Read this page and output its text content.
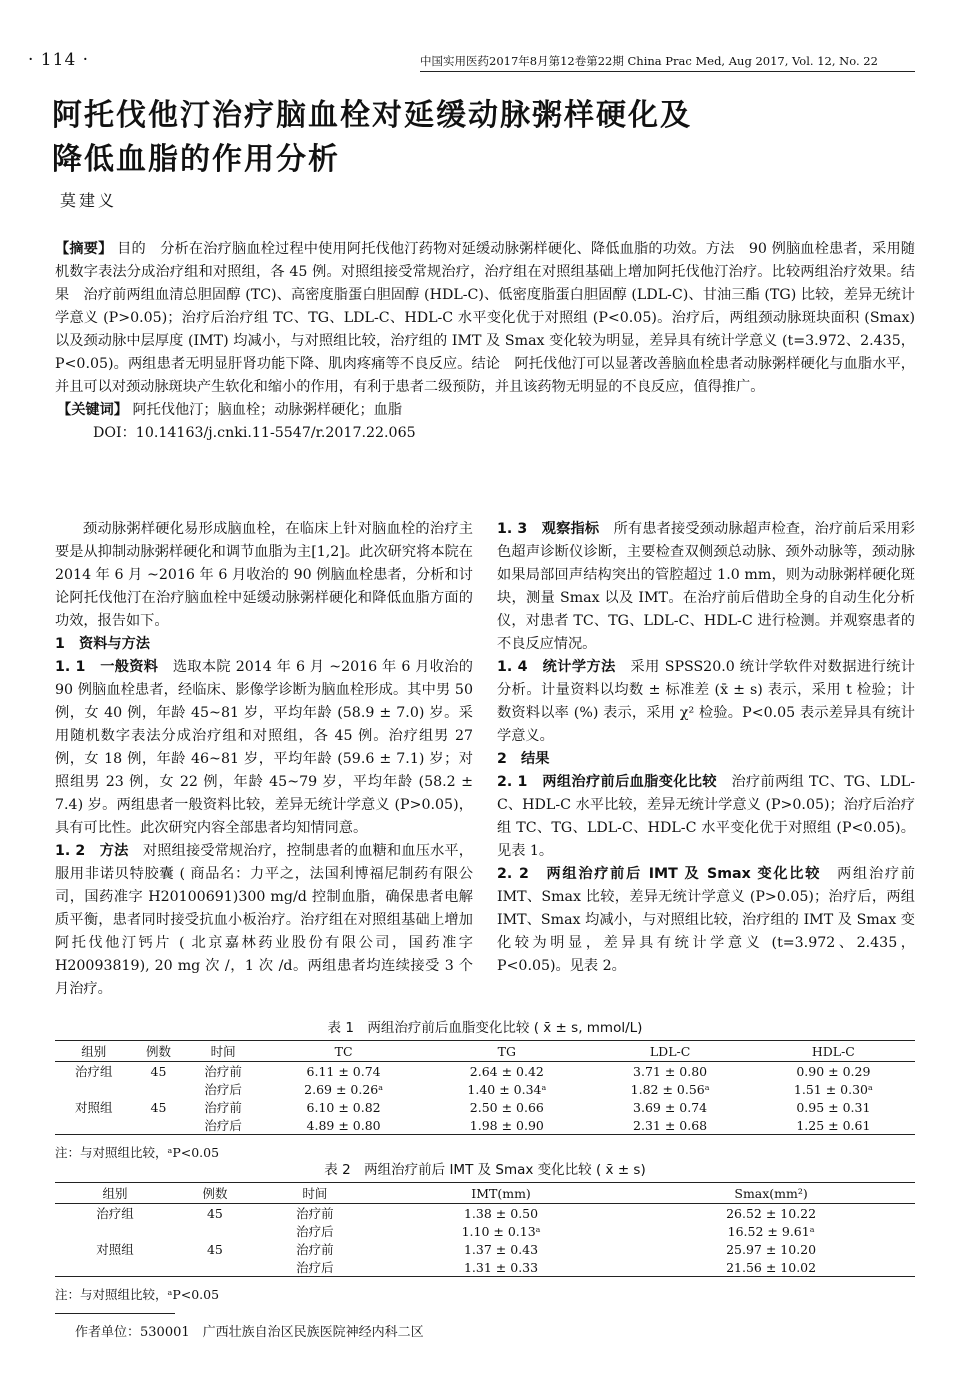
· 114 ·	中国实用医药2017年8月第12卷第22期 China Prac Med, Aug 2017, Vol. 12, No. 22
阿托伐他汀治疗脑血栓对延缓动脉粥样硬化及
降低血脂的作用分析
莫建义

【摘要】 目的　分析在治疗脑血栓过程中使用阿托伐他汀药物对延缓动脉粥样硬化、降低血脂的功效。方法　90 例脑血栓患者，采用随机数字表法分成治疗组和对照组，各 45 例。对照组接受常规治疗，治疗组在对照组基础上增加阿托伐他汀治疗。比较两组治疗效果。结果　治疗前两组血清总胆固醇 (TC)、高密度脂蛋白胆固醇 (HDL-C)、低密度脂蛋白胆固醇 (LDL-C)、甘油三酯 (TG) 比较，差异无统计学意义 (P>0.05)；治疗后治疗组 TC、TG、LDL-C、HDL-C 水平变化优于对照组 (P<0.05)。治疗后，两组颈动脉斑块面积 (Smax) 以及颈动脉中层厚度 (IMT) 均减小，与对照组比较，治疗组的 IMT 及 Smax 变化较为明显，差异具有统计学意义 (t=3.972、2.435，P<0.05)。两组患者无明显肝肾功能下降、肌肉疼痛等不良反应。结论　阿托伐他汀可以显著改善脑血栓患者动脉粥样硬化与血脂水平，并且可以对颈动脉斑块产生软化和缩小的作用，有利于患者二级预防，并且该药物无明显的不良反应，值得推广。

【关键词】 阿托伐他汀；脑血栓；动脉粥样硬化；血脂

DOI：10.14163/j.cnki.11-5547/r.2017.22.065

颈动脉粥样硬化易形成脑血栓，在临床上针对脑血栓的治疗主要是从抑制动脉粥样硬化和调节血脂为主[1,2]。此次研究将本院在 2014 年 6 月 ~2016 年 6 月收治的 90 例脑血栓患者，分析和讨论阿托伐他汀在治疗脑血栓中延缓动脉粥样硬化和降低血脂方面的功效，报告如下。

1　资料与方法

1. 1　一般资料　 选取本院 2014 年 6 月 ~2016 年 6 月收治的 90 例脑血栓患者，经临床、影像学诊断为脑血栓形成。其中男 50 例，女 40 例，年龄 45~81 岁，平均年龄 (58.9 ± 7.0) 岁。采用随机数字表法分成治疗组和对照组，各 45 例。治疗组男 27 例，女 18 例，年龄 46~81 岁，平均年龄 (59.6 ± 7.1) 岁；对照组男 23 例，女 22 例，年龄 45~79 岁，平均年龄 (58.2 ± 7.4) 岁。两组患者一般资料比较，差异无统计学意义 (P>0.05)，具有可比性。此次研究内容全部患者均知情同意。

1. 2　方法　 对照组接受常规治疗，控制患者的血糖和血压水平，服用非诺贝特胶囊 ( 商品名：力平之，法国利博福尼制药有限公司，国药准字 H20100691)300 mg/d 控制血脂，确保患者电解质平衡，患者同时接受抗血小板治疗。治疗组在对照组基础上增加阿托伐他汀钙片 ( 北京嘉林药业股份有限公司，国药准字 H20093819), 20 mg 次 /，1 次 /d。两组患者均连续接受 3 个月治疗。

1. 3　观察指标　 所有患者接受颈动脉超声检查，治疗前后采用彩色超声诊断仪诊断，主要检查双侧颈总动脉、颈外动脉等，颈动脉如果局部回声结构突出的管腔超过 1.0 mm，则为动脉粥样硬化斑块，测量 Smax 以及 IMT。在治疗前后借助全身的自动生化分析仪，对患者 TC、TG、LDL-C、HDL-C 进行检测。并观察患者的不良反应情况。

1. 4　统计学方法　 采用 SPSS20.0 统计学软件对数据进行统计分析。计量资料以均数 ± 标准差 (x̄ ± s) 表示，采用 t 检验；计数资料以率 (%) 表示，采用 χ² 检验。P<0.05 表示差异具有统计学意义。

2　结果

2. 1　两组治疗前后血脂变化比较　 治疗前两组 TC、TG、LDL-C、HDL-C 水平比较，差异无统计学意义 (P>0.05)；治疗后治疗组 TC、TG、LDL-C、HDL-C 水平变化优于对照组 (P<0.05)。见表 1。

2. 2　两组治疗前后 IMT 及 Smax 变化比较　 两组治疗前 IMT、Smax 比较，差异无统计学意义 (P>0.05)；治疗后，两组 IMT、Smax 均减小，与对照组比较，治疗组的 IMT 及 Smax 变化较为明显，差异具有统计学意义 (t=3.972、2.435，P<0.05)。见表 2。

表 1　两组治疗前后血脂变化比较 ( x̄ ± s, mmol/L)
组别	例数	时间	TC	TG	LDL-C	HDL-C
治疗组	45	治疗前	6.11 ± 0.74	2.64 ± 0.42	3.71 ± 0.80	0.90 ± 0.29
		治疗后	2.69 ± 0.26ᵃ	1.40 ± 0.34ᵃ	1.82 ± 0.56ᵃ	1.51 ± 0.30ᵃ
对照组	45	治疗前	6.10 ± 0.82	2.50 ± 0.66	3.69 ± 0.74	0.95 ± 0.31
		治疗后	4.89 ± 0.80	1.98 ± 0.90	2.31 ± 0.68	1.25 ± 0.61
注：与对照组比较，ᵃP<0.05
表 2　两组治疗前后 IMT 及 Smax 变化比较 ( x̄ ± s)
组别	例数	时间	IMT(mm)	Smax(mm²)
治疗组	45	治疗前	1.38 ± 0.50	26.52 ± 10.22
		治疗后	1.10 ± 0.13ᵃ	16.52 ± 9.61ᵃ
对照组	45	治疗前	1.37 ± 0.43	25.97 ± 10.20
		治疗后	1.31 ± 0.33	21.56 ± 10.02
注：与对照组比较，ᵃP<0.05
作者单位：530001　广西壮族自治区民族医院神经内科二区
